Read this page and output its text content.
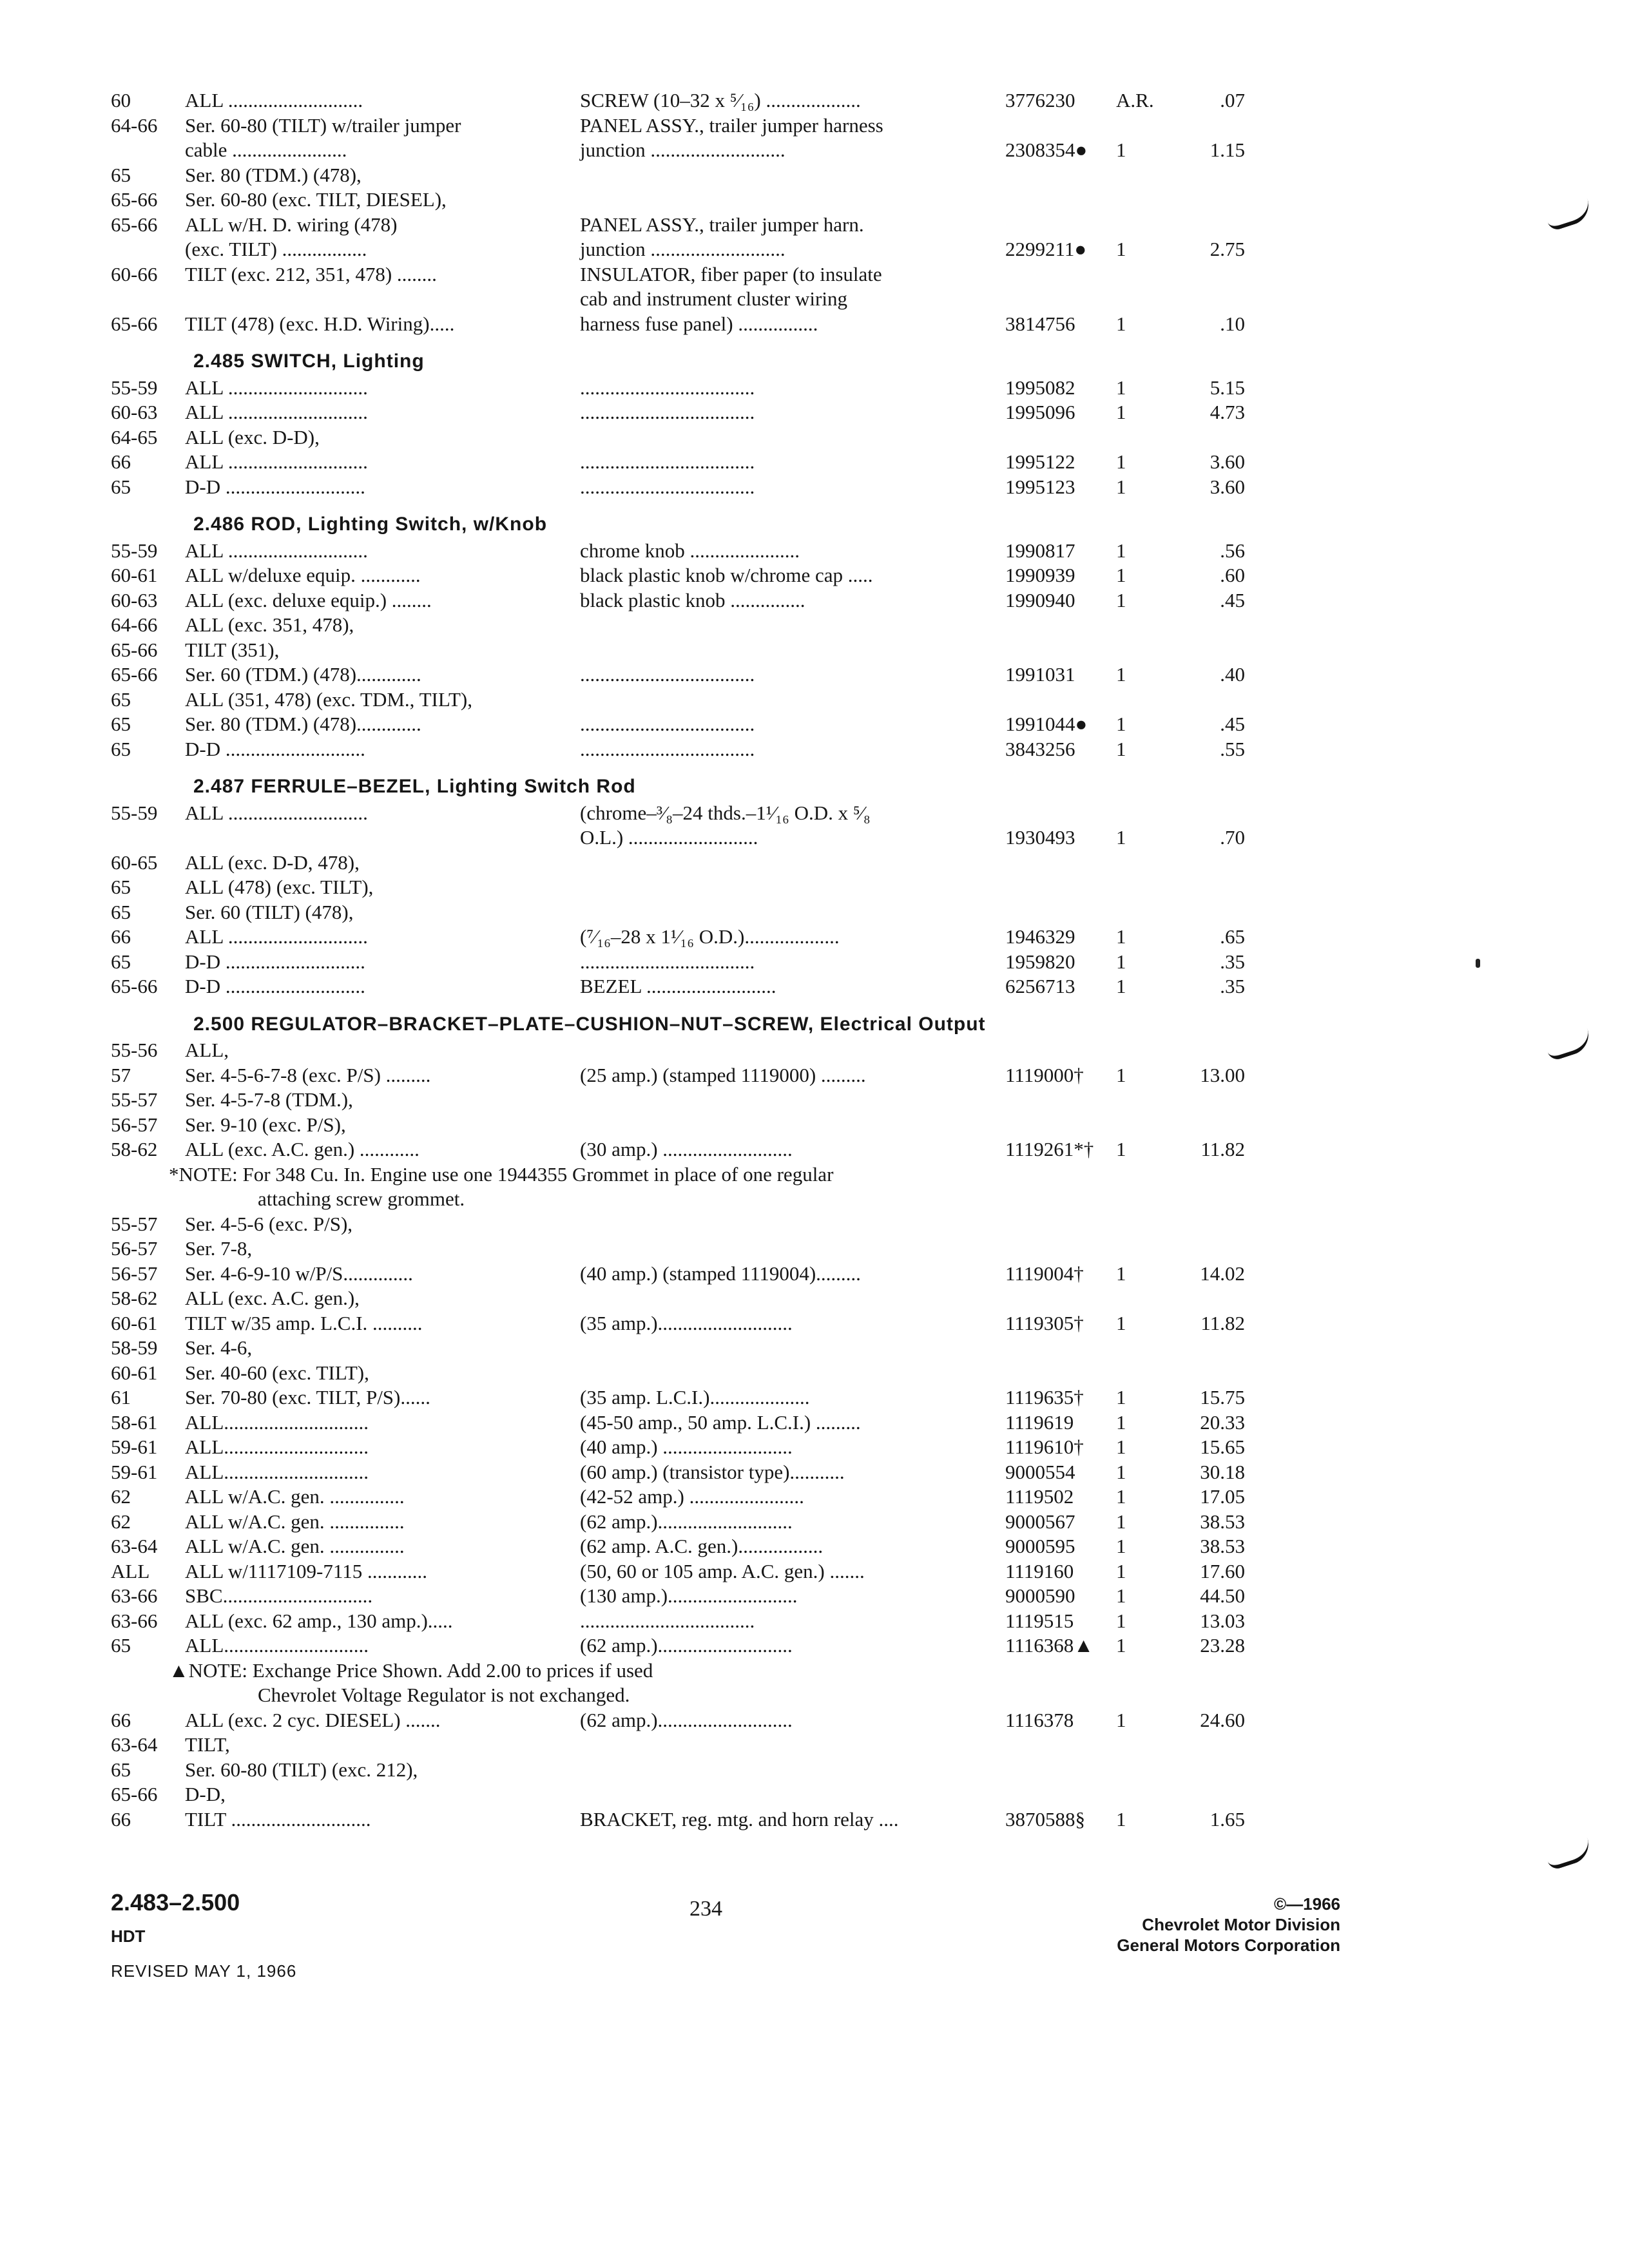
60	ALL ...........................	SCREW (10–32 x ⁵⁄₁₆) ...................	3776230 A.R.	.07
64-66 Ser. 60-80 (TILT) w/trailer jumper	PANEL ASSY., trailer jumper harness
cable .......................	junction ...........................	2308354● 1	1.15
65	Ser. 80 (TDM.) (478),
65-66 Ser. 60-80 (exc. TILT, DIESEL),
65-66 ALL w/H. D. wiring (478)	PANEL ASSY., trailer jumper harn.
(exc. TILT) .................	junction ...........................	2299211● 1	2.75
60-66 TILT (exc. 212, 351, 478) ........	INSULATOR, fiber paper (to insulate
cab and instrument cluster wiring
65-66 TILT (478) (exc. H.D. Wiring).....	harness fuse panel) ................	3814756 1	.10
2.485 SWITCH, Lighting
55-59 ALL ............................	...................................	1995082 1	5.15
60-63 ALL ............................	...................................	1995096 1	4.73
64-65 ALL (exc. D-D),
66	ALL ............................	...................................	1995122 1	3.60
65	D-D ............................	...................................	1995123 1	3.60
2.486 ROD, Lighting Switch, w/Knob
55-59 ALL ............................	chrome knob ......................	1990817 1	.56
60-61 ALL w/deluxe equip. ............	black plastic knob w/chrome cap .....	1990939 1	.60
60-63 ALL (exc. deluxe equip.) ........	black plastic knob ...............	1990940 1	.45
64-66 ALL (exc. 351, 478),
65-66 TILT (351),
65-66 Ser. 60 (TDM.) (478).............	...................................	1991031 1	.40
65	ALL (351, 478) (exc. TDM., TILT),
65	Ser. 80 (TDM.) (478).............	...................................	1991044● 1	.45
65	D-D ............................	...................................	3843256 1	.55
2.487 FERRULE–BEZEL, Lighting Switch Rod
55-59 ALL ............................	(chrome–³⁄₈–24 thds.–1¹⁄₁₆ O.D. x ⁵⁄₈
O.L.) ..........................	1930493 1	.70
60-65 ALL (exc. D-D, 478),
65	ALL (478) (exc. TILT),
65	Ser. 60 (TILT) (478),
66	ALL ............................	(⁷⁄₁₆–28 x 1¹⁄₁₆ O.D.)...................	1946329 1	.65
65	D-D ............................	...................................	1959820 1	.35
65-66 D-D ............................	BEZEL ..........................	6256713 1	.35
2.500 REGULATOR–BRACKET–PLATE–CUSHION–NUT–SCREW, Electrical Output
55-56 ALL,
57	Ser. 4-5-6-7-8 (exc. P/S) .........	(25 amp.) (stamped 1119000) .........	1119000† 1	13.00
55-57 Ser. 4-5-7-8 (TDM.),
56-57 Ser. 9-10 (exc. P/S),
58-62 ALL (exc. A.C. gen.) ............	(30 amp.) ..........................	1119261*† 1	11.82
*NOTE: For 348 Cu. In. Engine use one 1944355 Grommet in place of one regular
attaching screw grommet.
55-57 Ser. 4-5-6 (exc. P/S),
56-57 Ser. 7-8,
56-57 Ser. 4-6-9-10 w/P/S..............	(40 amp.) (stamped 1119004).........	1119004† 1	14.02
58-62 ALL (exc. A.C. gen.),
60-61 TILT w/35 amp. L.C.I. ..........	(35 amp.)...........................	1119305† 1	11.82
58-59 Ser. 4-6,
60-61 Ser. 40-60 (exc. TILT),
61	Ser. 70-80 (exc. TILT, P/S)......	(35 amp. L.C.I.)....................	1119635† 1	15.75
58-61 ALL.............................	(45-50 amp., 50 amp. L.C.I.) .........	1119619 1	20.33
59-61 ALL.............................	(40 amp.) ..........................	1119610† 1	15.65
59-61 ALL.............................	(60 amp.) (transistor type)...........	9000554 1	30.18
62	ALL w/A.C. gen. ...............	(42-52 amp.) .......................	1119502 1	17.05
62	ALL w/A.C. gen. ...............	(62 amp.)...........................	9000567 1	38.53
63-64 ALL w/A.C. gen. ...............	(62 amp. A.C. gen.).................	9000595 1	38.53
ALL ALL w/1117109-7115 ............	(50, 60 or 105 amp. A.C. gen.) .......	1119160 1	17.60
63-66 SBC..............................	(130 amp.)..........................	9000590 1	44.50
63-66 ALL (exc. 62 amp., 130 amp.).....	...................................	1119515 1	13.03
65	ALL.............................	(62 amp.)...........................	1116368▲ 1	23.28
▲NOTE: Exchange Price Shown. Add 2.00 to prices if used
Chevrolet Voltage Regulator is not exchanged.
66	ALL (exc. 2 cyc. DIESEL) .......	(62 amp.)...........................	1116378 1	24.60
63-64 TILT,
65	Ser. 60-80 (TILT) (exc. 212),
65-66 D-D,
66	TILT ............................	BRACKET, reg. mtg. and horn relay ....	3870588§ 1	1.65
2.483–2.500
HDT
REVISED MAY 1, 1966
234	©—1966
Chevrolet Motor Division
General Motors Corporation
